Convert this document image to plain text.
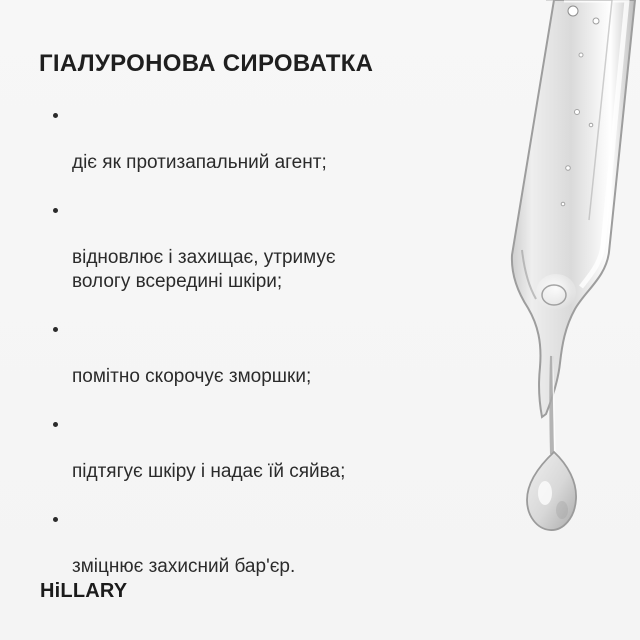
ГІАЛУРОНОВА СИРОВАТКА

діє як протизапальний агент;

відновлює і захищає, утримує
вологу всередині шкіри;

помітно скорочує зморшки;

підтягує шкіру і надає їй сяйва;

зміцнює захисний бар'єр.

HiLLARY
